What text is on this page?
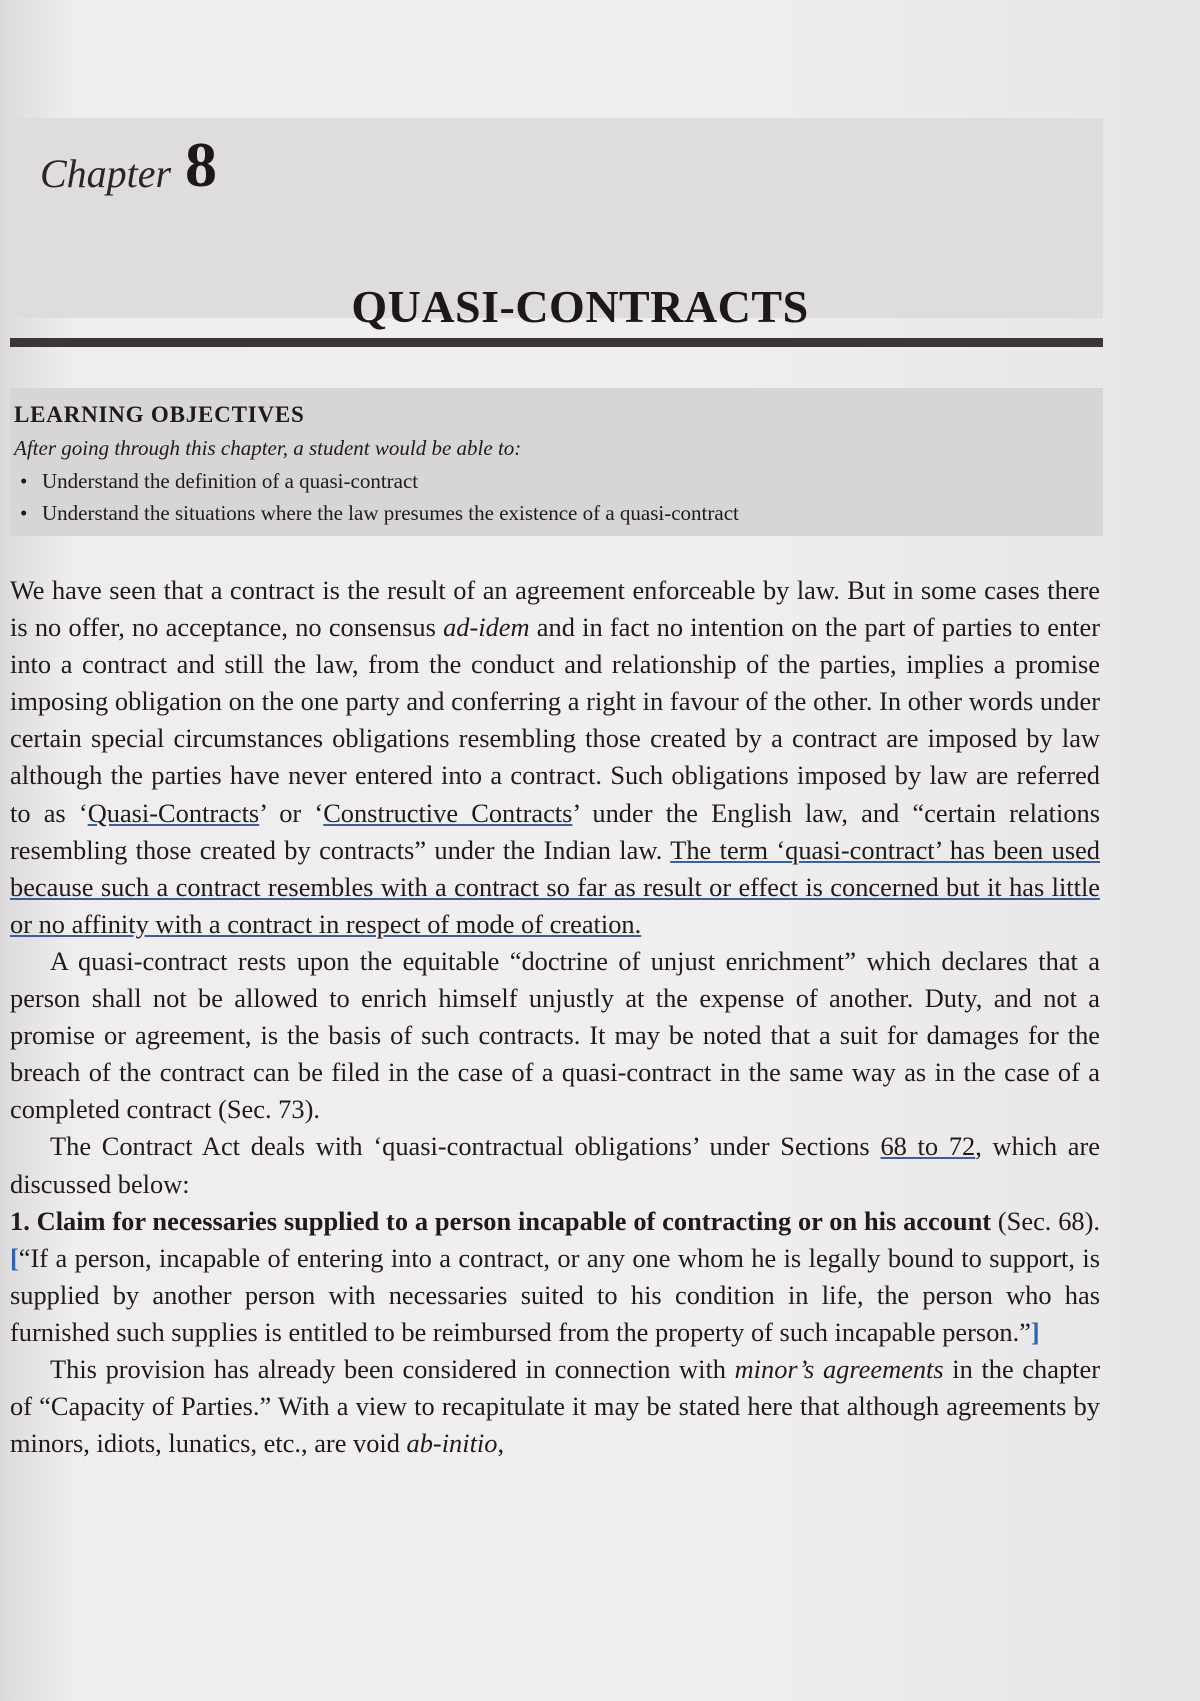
Chapter 8
QUASI-CONTRACTS

LEARNING OBJECTIVES

After going through this chapter, a student would be able to:

• Understand the definition of a quasi-contract
• Understand the situations where the law presumes the existence of a quasi-contract

We have seen that a contract is the result of an agreement enforceable by law. But in some cases there is no offer, no acceptance, no consensus ad-idem and in fact no intention on the part of parties to enter into a contract and still the law, from the conduct and relationship of the parties, implies a promise imposing obligation on the one party and conferring a right in favour of the other. In other words under certain special circumstances obligations resembling those created by a contract are imposed by law although the parties have never entered into a contract. Such obligations imposed by law are referred to as ‘Quasi-Contracts’ or ‘Constructive Contracts’ under the English law, and “certain relations resembling those created by contracts” under the Indian law. The term ‘quasi-contract’ has been used because such a contract resembles with a contract so far as result or effect is concerned but it has little or no affinity with a contract in respect of mode of creation.

A quasi-contract rests upon the equitable “doctrine of unjust enrichment” which declares that a person shall not be allowed to enrich himself unjustly at the expense of another. Duty, and not a promise or agreement, is the basis of such contracts. It may be noted that a suit for damages for the breach of the contract can be filed in the case of a quasi-contract in the same way as in the case of a completed contract (Sec. 73).

The Contract Act deals with ‘quasi-contractual obligations’ under Sections 68 to 72, which are discussed below:

1. Claim for necessaries supplied to a person incapable of contracting or on his account (Sec. 68). [“If a person, incapable of entering into a contract, or any one whom he is legally bound to support, is supplied by another person with necessaries suited to his condition in life, the person who has furnished such supplies is entitled to be reimbursed from the property of such incapable person.”]

This provision has already been considered in connection with minor’s agreements in the chapter of “Capacity of Parties.” With a view to recapitulate it may be stated here that although agreements by minors, idiots, lunatics, etc., are void ab-initio,
